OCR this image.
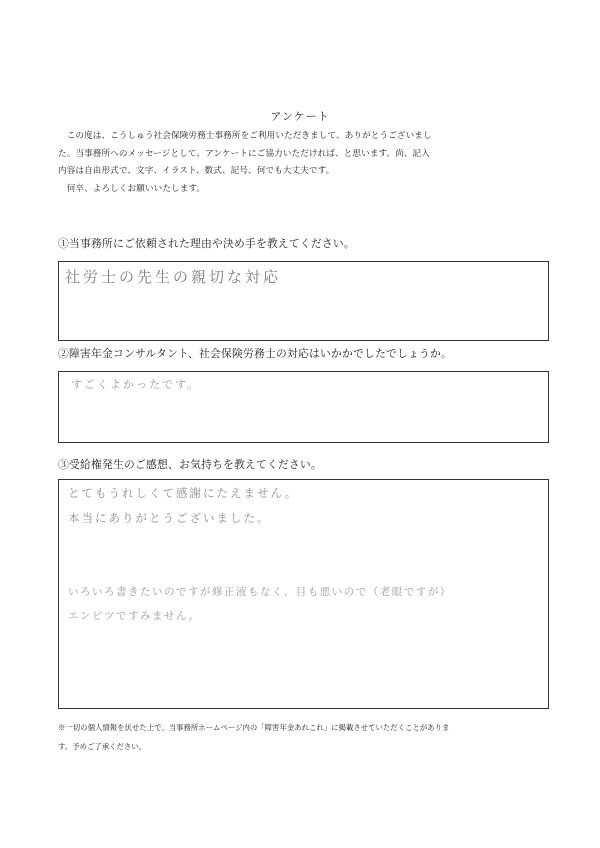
アンケート

　この度は、こうしゅう社会保険労務士事務所をご利用いただきまして、ありがとうございまし

た。当事務所へのメッセージとして、アンケートにご協力いただければ、と思います。尚、記入

内容は自由形式で、文字、イラスト、数式、記号、何でも大丈夫です。

　何卒、よろしくお願いいたします。

①当事務所にご依頼された理由や決め手を教えてください。
社労士の先生の親切な対応
②障害年金コンサルタント、社会保険労務士の対応はいかかでしたでしょうか。
すごくよかったです。
③受給権発生のご感想、お気持ちを教えてください。
とてもうれしくて感謝にたえません。
本当にありがとうございました。
いろいろ書きたいのですが修正液もなく、目も悪いので（老眼ですが）
エンピツですみません。

※一切の個人情報を伏せた上で、当事務所ホームページ内の「障害年金あれこれ」に掲載させていただくことがありま

す。予めご了承ください。
